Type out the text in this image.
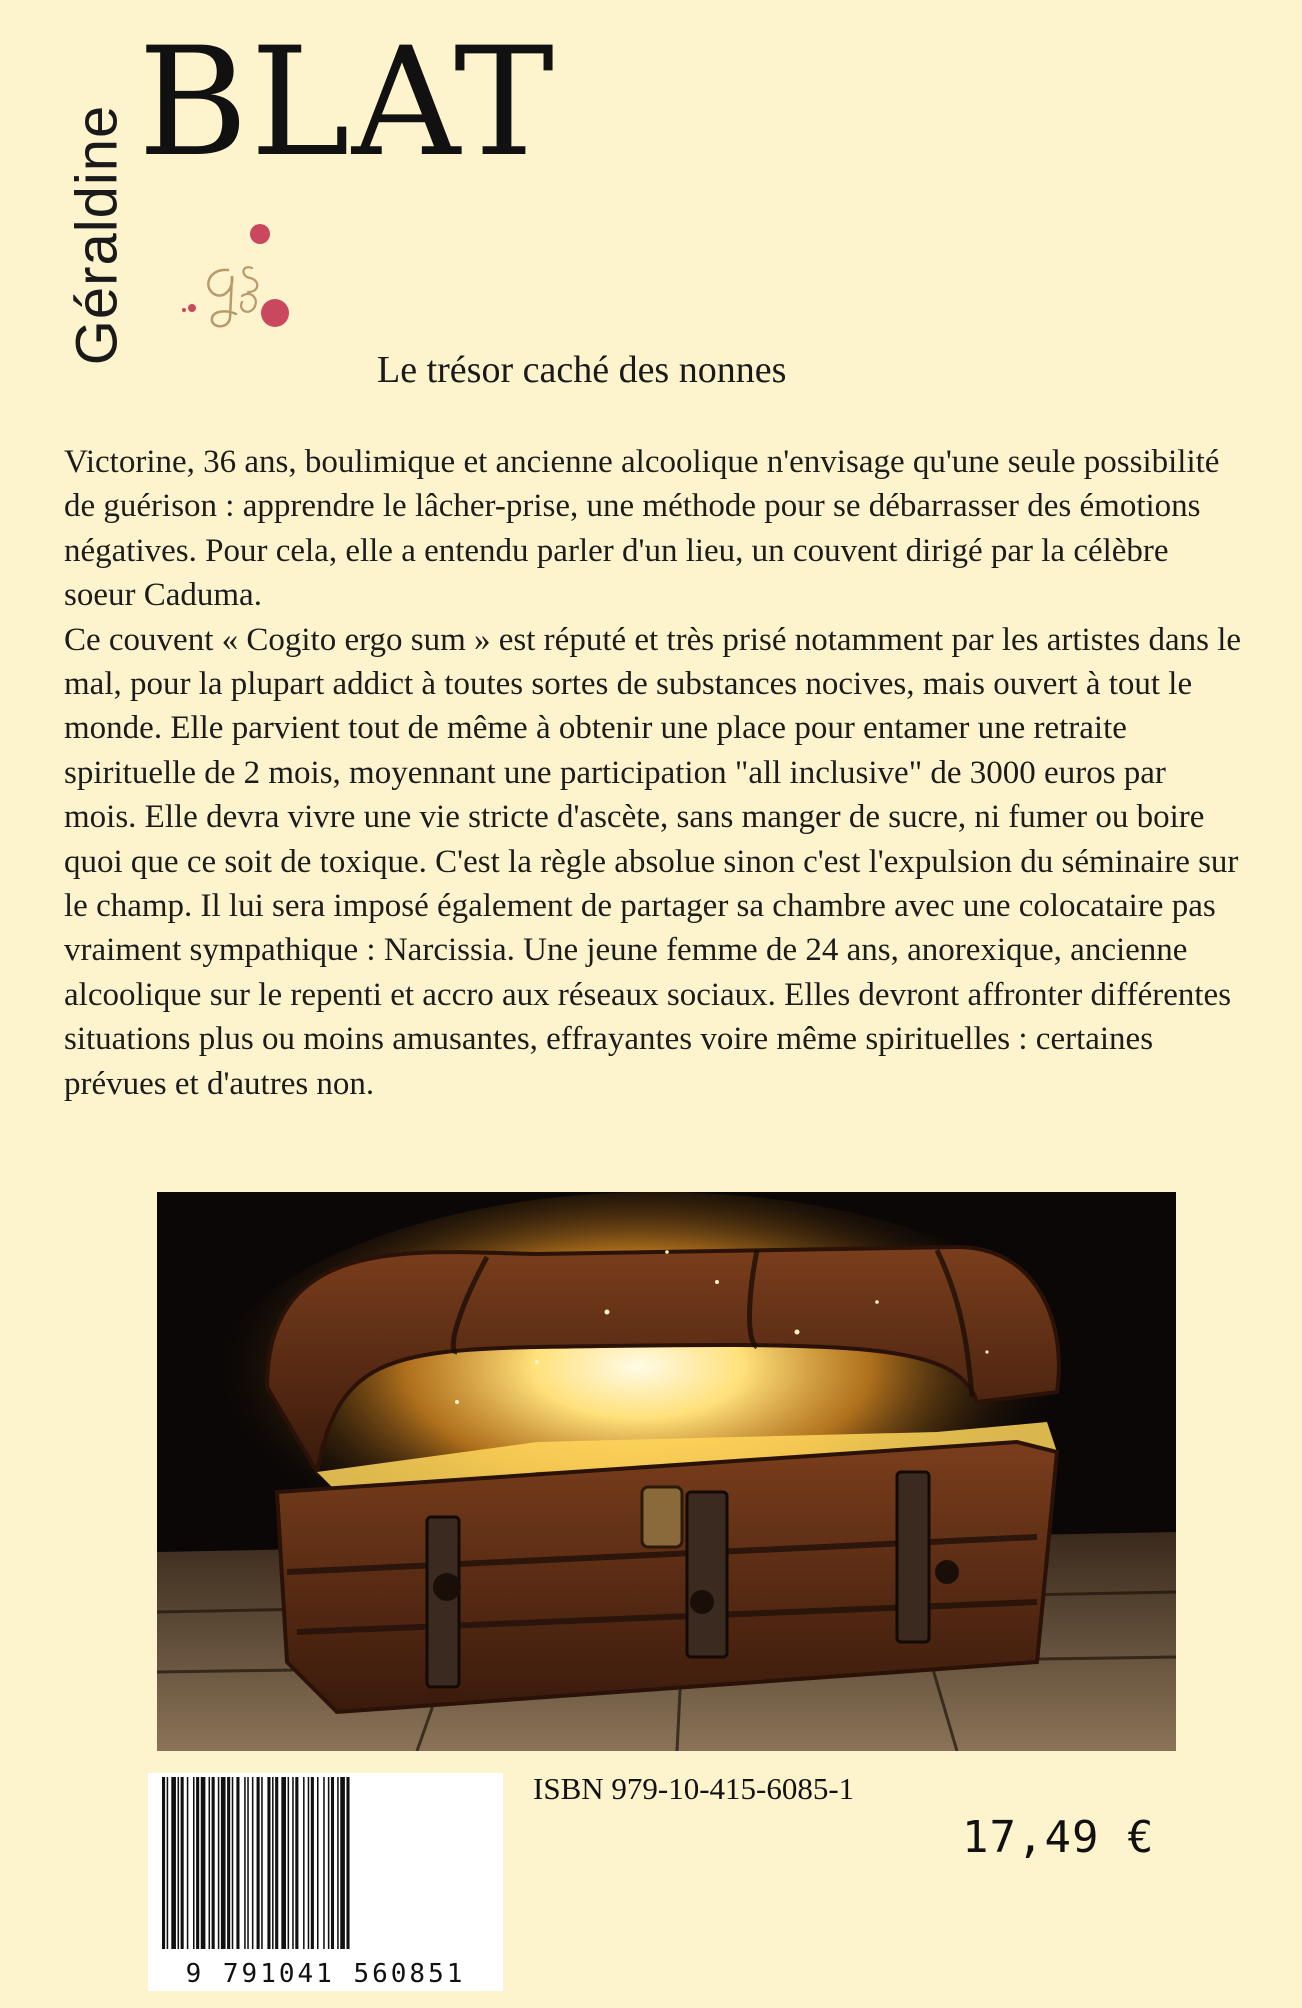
Géraldine
BLAT
Le trésor caché des nonnes

Victorine, 36 ans, boulimique et ancienne alcoolique n'envisage qu'une seule possibilité de guérison : apprendre le lâcher-prise, une méthode pour se débarrasser des émotions négatives. Pour cela, elle a entendu parler d'un lieu, un couvent dirigé par la célèbre soeur Caduma.

Ce couvent « Cogito ergo sum » est réputé et très prisé notamment par les artistes dans le mal, pour la plupart addict à toutes sortes de substances nocives, mais ouvert à tout le monde. Elle parvient tout de même à obtenir une place pour entamer une retraite spirituelle de 2 mois, moyennant une participation "all inclusive" de 3000 euros par mois. Elle devra vivre une vie stricte d'ascète, sans manger de sucre, ni fumer ou boire quoi que ce soit de toxique. C'est la règle absolue sinon c'est l'expulsion du séminaire sur le champ. Il lui sera imposé également de partager sa chambre avec une colocataire pas vraiment sympathique : Narcissia. Une jeune femme de 24 ans, anorexique, ancienne alcoolique sur le repenti et accro aux réseaux sociaux. Elles devront affronter différentes situations plus ou moins amusantes, effrayantes voire même spirituelles : certaines prévues et d'autres non.

9 791041 560851
ISBN 979-10-415-6085-1
17,49 €
